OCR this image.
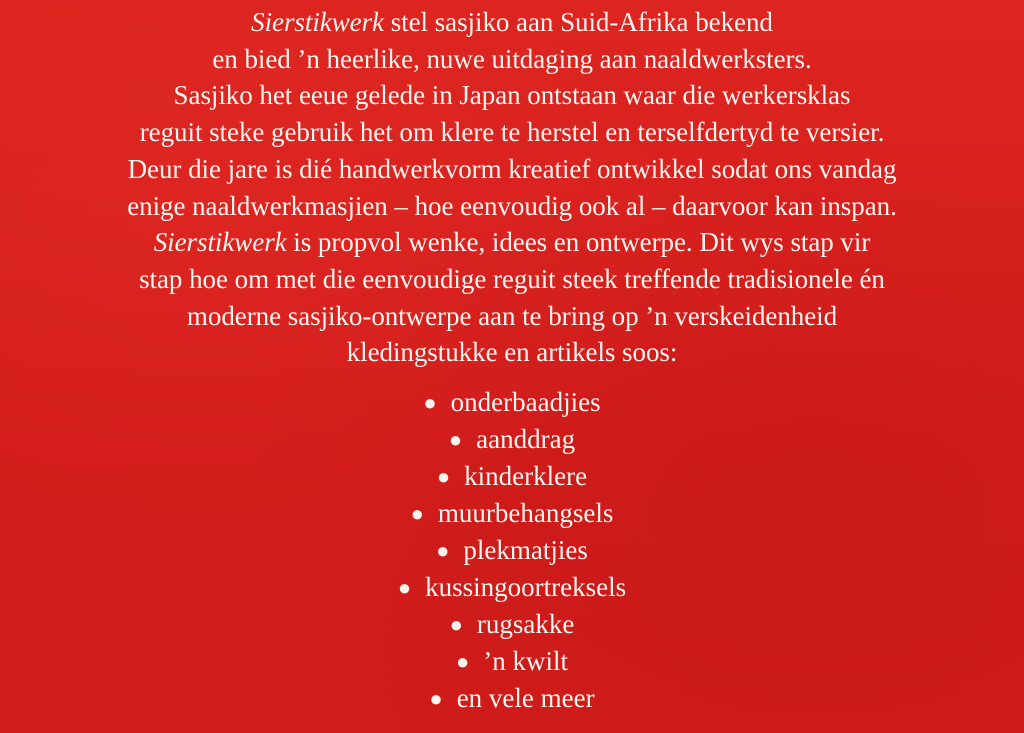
Sierstikwerk stel sasjiko aan Suid-Afrika bekend
en bied ’n heerlike, nuwe uitdaging aan naaldwerksters.
Sasjiko het eeue gelede in Japan ontstaan waar die werkersklas
reguit steke gebruik het om klere te herstel en terselfdertyd te versier.
Deur die jare is dié handwerkvorm kreatief ontwikkel sodat ons vandag
enige naaldwerkmasjien – hoe eenvoudig ook al – daarvoor kan inspan.
Sierstikwerk is propvol wenke, idees en ontwerpe. Dit wys stap vir
stap hoe om met die eenvoudige reguit steek treffende tradisionele én
moderne sasjiko-ontwerpe aan te bring op ’n verskeidenheid
kledingstukke en artikels soos:
● onderbaadjies
● aanddrag
● kinderklere
● muurbehangsels
● plekmatjies
● kussingoortreksels
● rugsakke
● ’n kwilt
● en vele meer
